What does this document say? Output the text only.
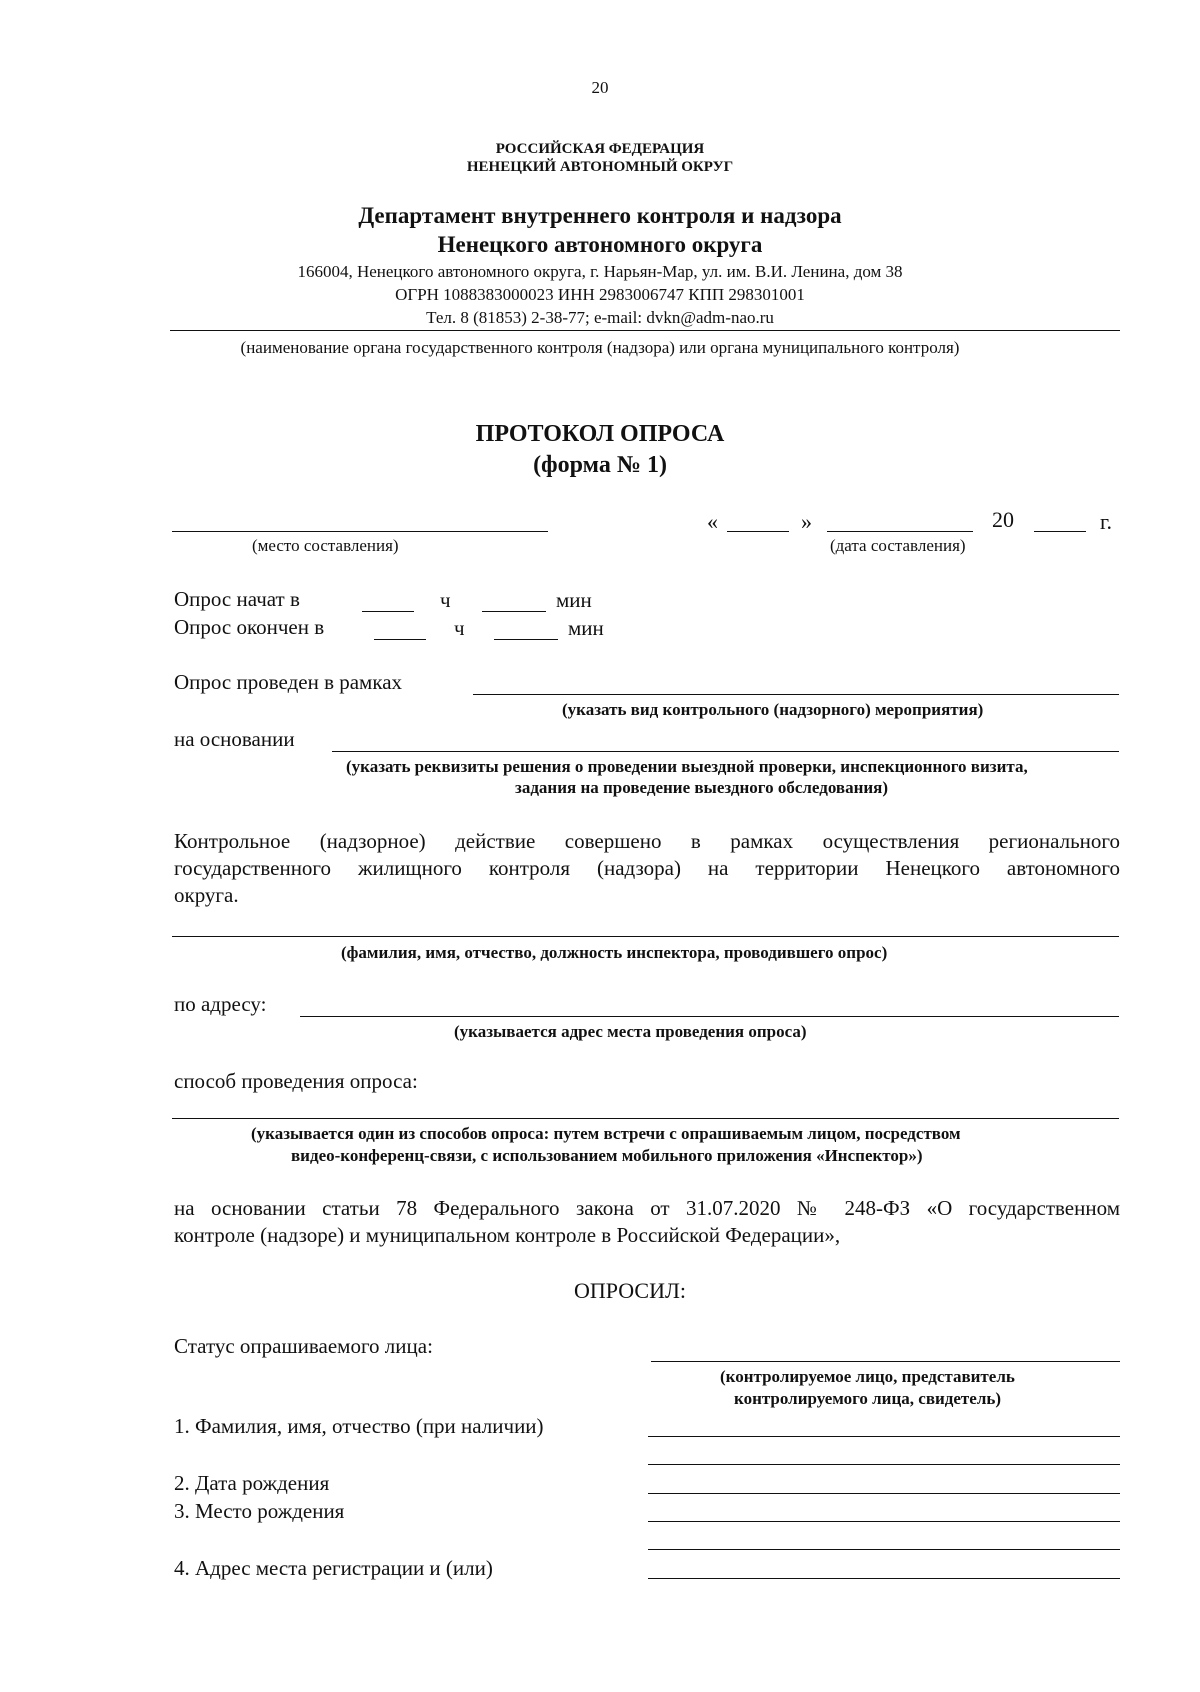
20
РОССИЙСКАЯ ФЕДЕРАЦИЯ
НЕНЕЦКИЙ АВТОНОМНЫЙ ОКРУГ
Департамент внутреннего контроля и надзора
Ненецкого автономного округа
166004, Ненецкого автономного округа, г. Нарьян-Мар, ул. им. В.И. Ленина, дом 38
ОГРН 1088383000023 ИНН 2983006747 КПП 298301001
Тел. 8 (81853) 2-38-77; e-mail: dvkn@adm-nao.ru
(наименование органа государственного контроля (надзора) или органа муниципального контроля)
ПРОТОКОЛ ОПРОСА
(форма № 1)
(место составления)
«	»	20	г.
(дата составления)
Опрос начат в	ч	мин
Опрос окончен в	ч	мин
Опрос проведен в рамках
(указать вид контрольного (надзорного) мероприятия)
на основании
(указать реквизиты решения о проведении выездной проверки, инспекционного визита,
задания на проведение выездного обследования)
Контрольное (надзорное) действие совершено в рамках осуществления регионального
государственного жилищного контроля (надзора) на территории Ненецкого автономного
округа.
(фамилия, имя, отчество, должность инспектора, проводившего опрос)
по адресу:
(указывается адрес места проведения опроса)
способ проведения опроса:
(указывается один из способов опроса: путем встречи с опрашиваемым лицом, посредством
видео-конференц-связи, с использованием мобильного приложения «Инспектор»)
на основании статьи 78 Федерального закона от 31.07.2020 № 248-ФЗ «О государственном
контроле (надзоре) и муниципальном контроле в Российской Федерации»,
ОПРОСИЛ:
Статус опрашиваемого лица:
(контролируемое лицо, представитель
контролируемого лица, свидетель)
1. Фамилия, имя, отчество (при наличии)
2. Дата рождения
3. Место рождения
4. Адрес места регистрации и (или)
